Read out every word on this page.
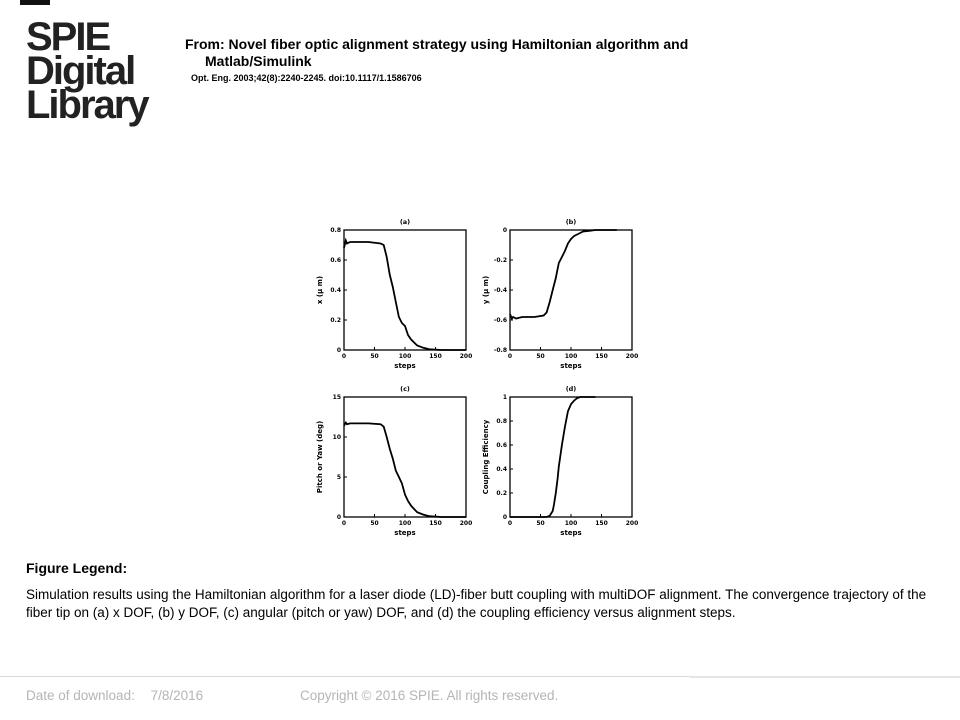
SPIE
Digital
Library
From: Novel fiber optic alignment strategy using Hamiltonian algorithm and
Matlab/Simulink
Opt. Eng. 2003;42(8):2240-2245. doi:10.1117/1.1586706
(a)
0	50	100	150	200
0
0.2
0.4
0.6
0.8
steps
x (μ m)
(b)
0	50	100	150	200
-0.8
-0.6
-0.4
-0.2
0
steps
y (μ m)
(c)
0	50	100	150	200
0
5
10
15
steps
Pitch or Yaw (deg)
(d)
0	50	100	150	200
0
0.2
0.4
0.6
0.8
1
steps
Coupling Efficiency
Figure Legend:
Simulation results using the Hamiltonian algorithm for a laser diode (LD)-fiber butt coupling with multiDOF alignment. The convergence trajectory of the fiber tip on (a) x DOF, (b) y DOF, (c) angular (pitch or yaw) DOF, and (d) the coupling efficiency versus alignment steps.
Date of download: 7/8/2016	Copyright © 2016 SPIE. All rights reserved.
